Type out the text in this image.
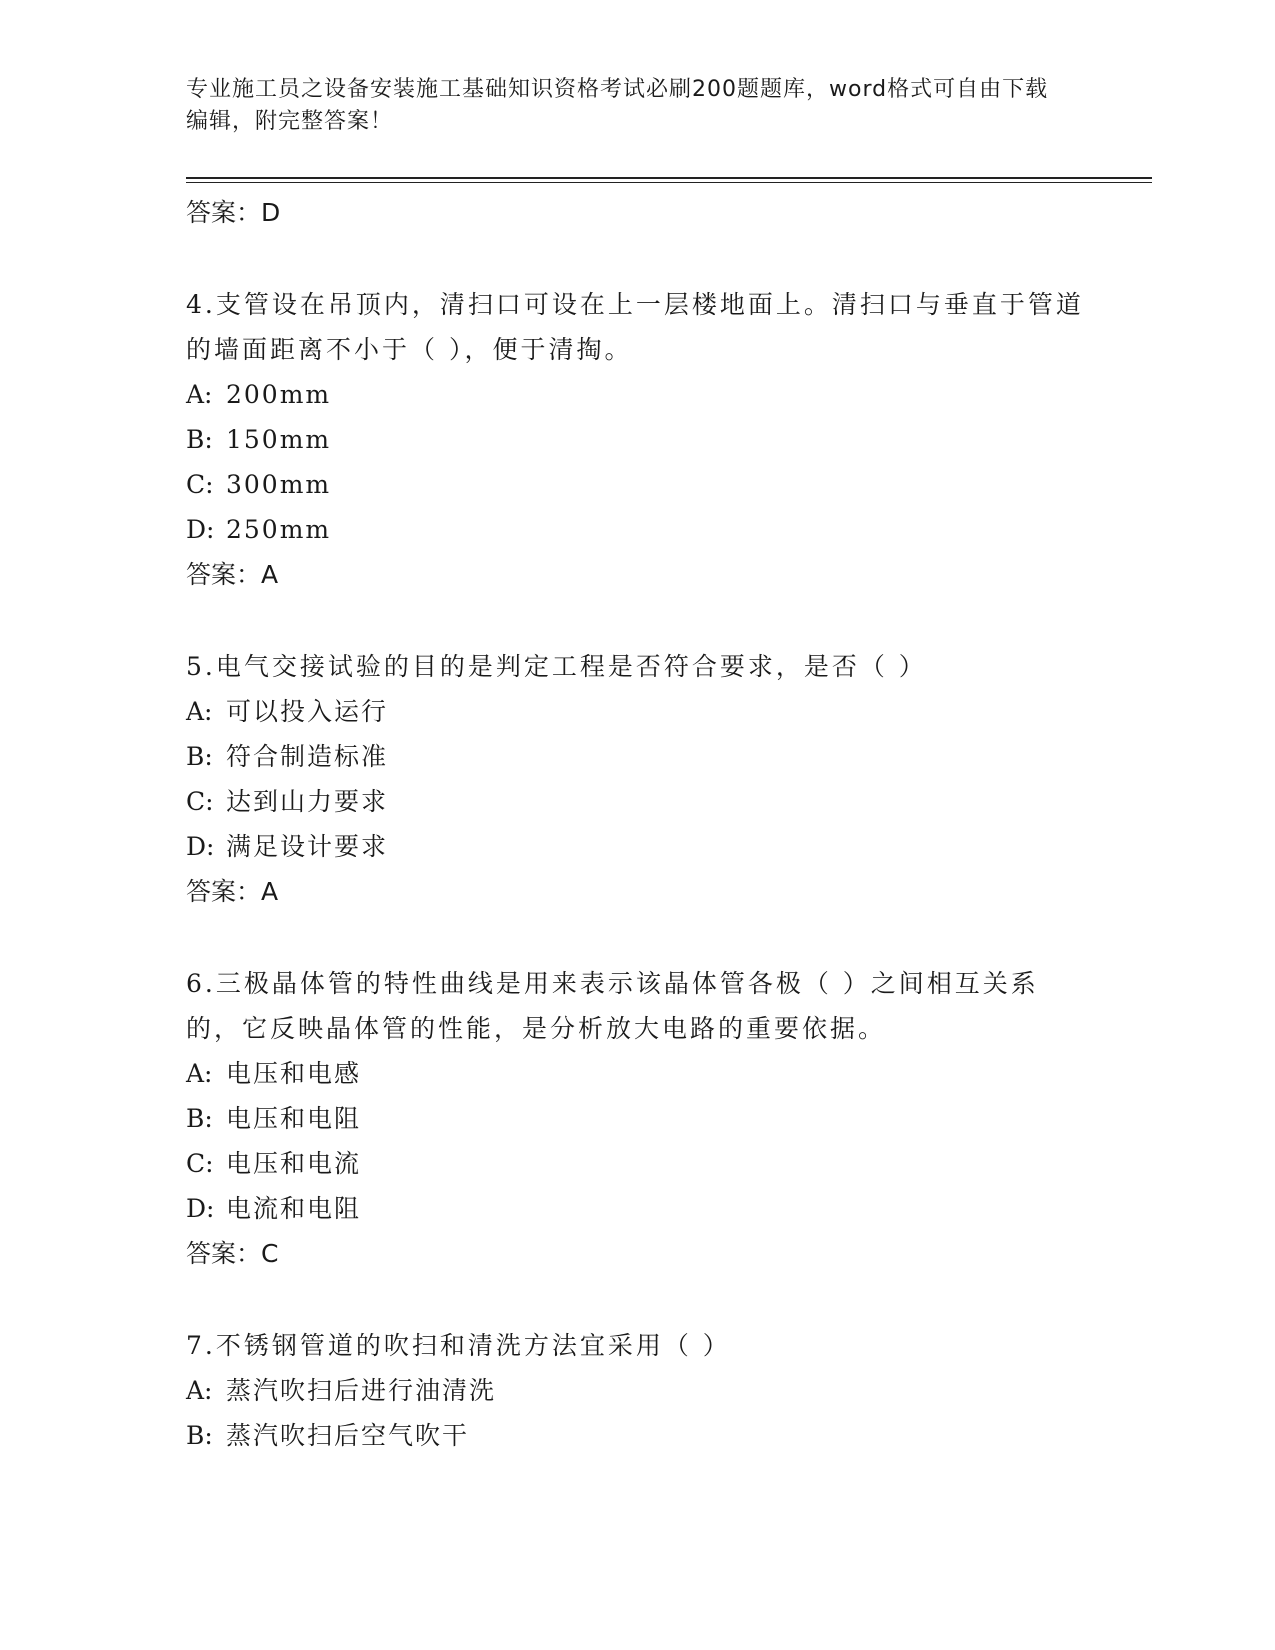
专业施工员之设备安装施工基础知识资格考试必刷200题题库，word格式可自由下载编辑，附完整答案！
答案：D
4.支管设在吊顶内，清扫口可设在上一层楼地面上。清扫口与垂直于管道的墙面距离不小于（ ），便于清掏。
A: 200mm
B: 150mm
C: 300mm
D: 250mm
答案：A
5.电气交接试验的目的是判定工程是否符合要求，是否（ ）
A: 可以投入运行
B: 符合制造标准
C: 达到山力要求
D: 满足设计要求
答案：A
6.三极晶体管的特性曲线是用来表示该晶体管各极（ ）之间相互关系的，它反映晶体管的性能，是分析放大电路的重要依据。
A: 电压和电感
B: 电压和电阻
C: 电压和电流
D: 电流和电阻
答案：C
7.不锈钢管道的吹扫和清洗方法宜采用（ ）
A: 蒸汽吹扫后进行油清洗
B: 蒸汽吹扫后空气吹干
